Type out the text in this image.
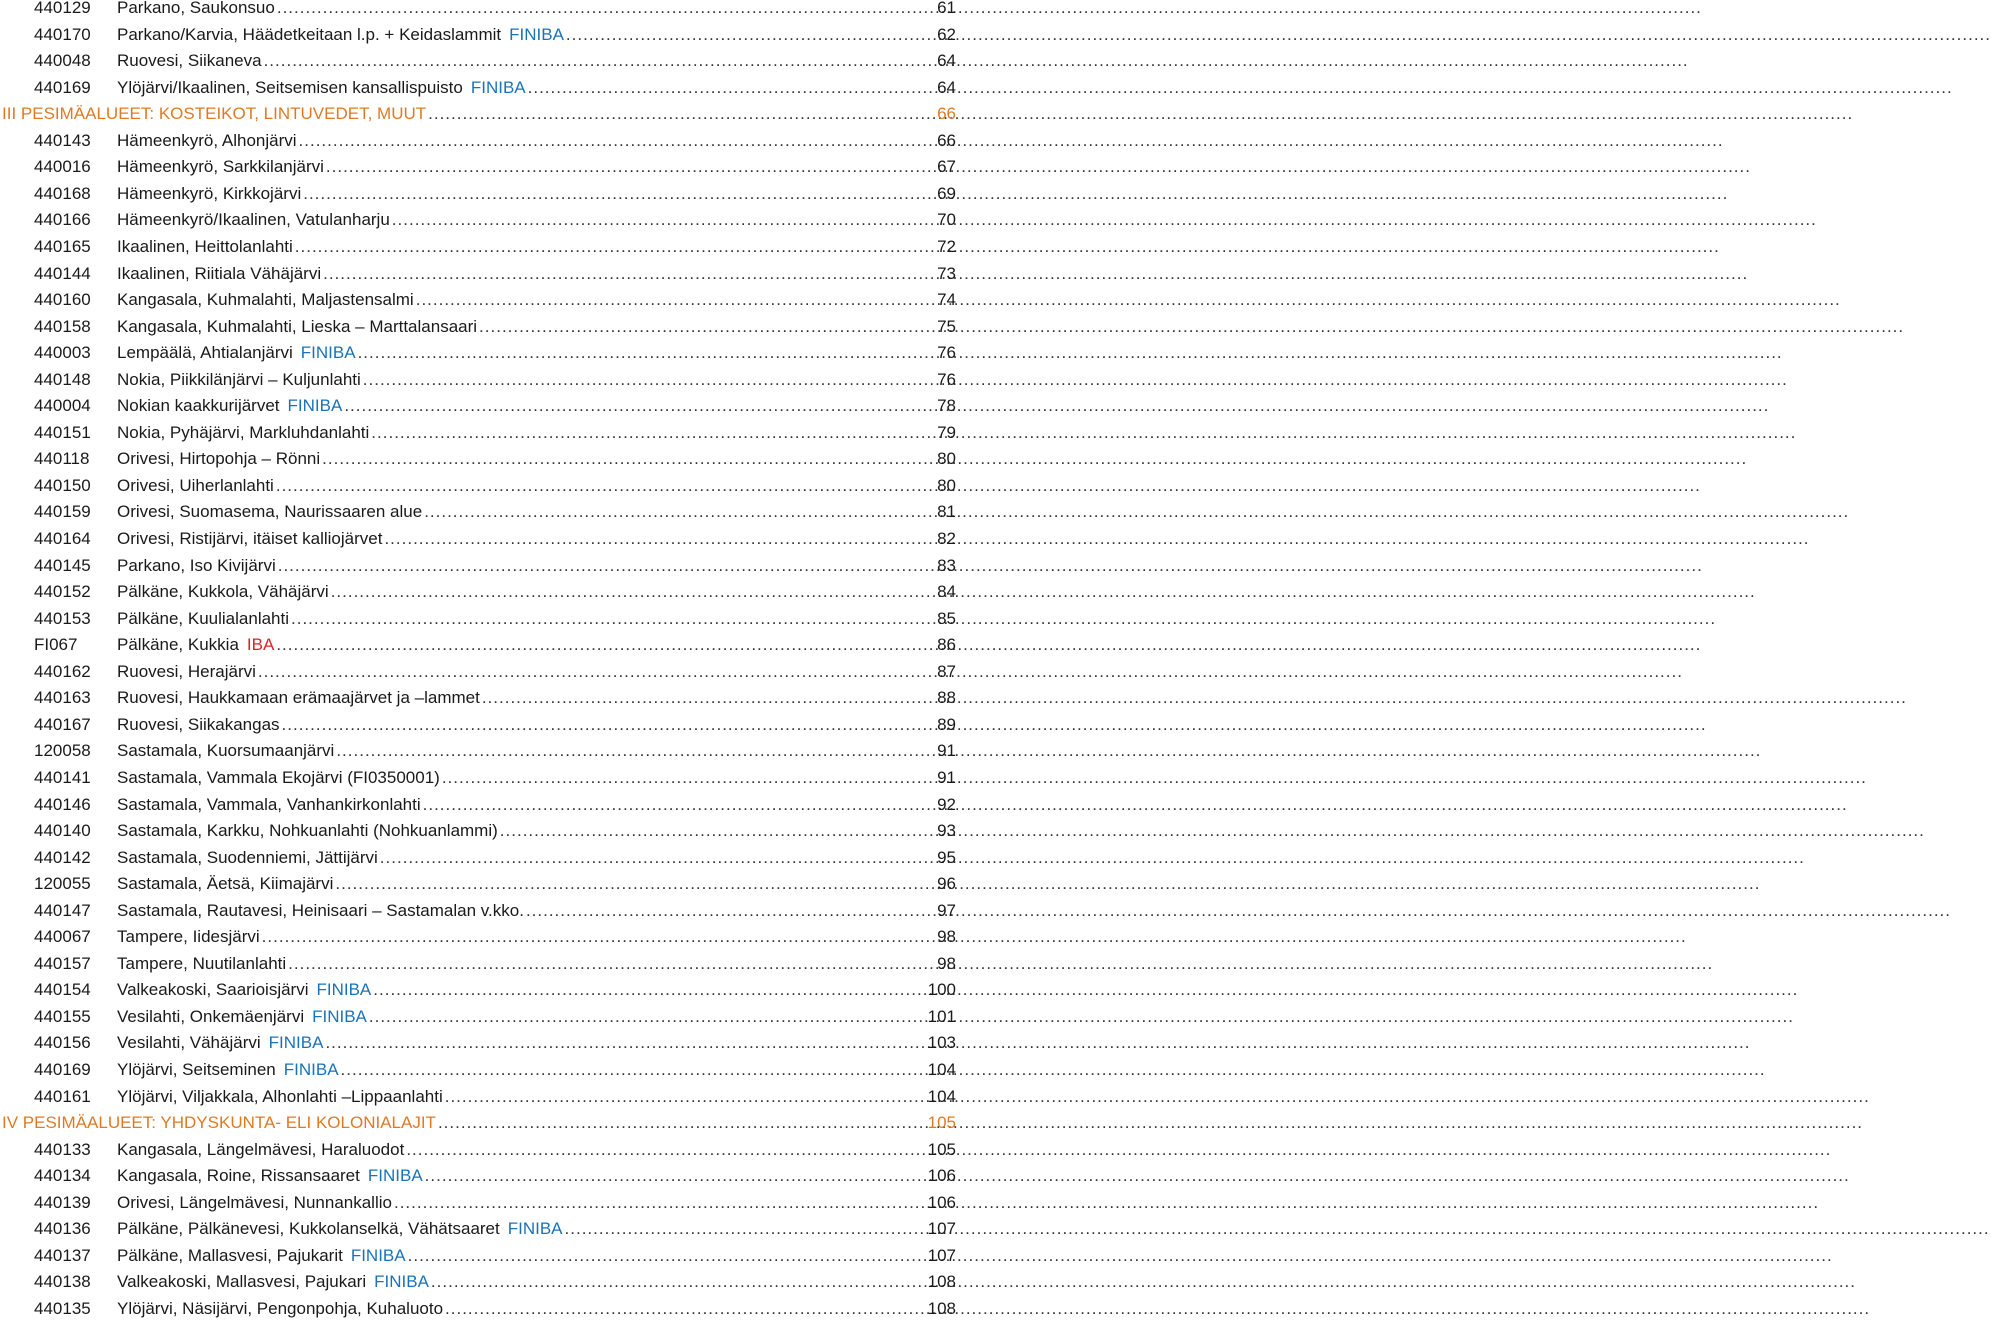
440129 Parkano, Saukonsuo .....	61
440170 Parkano/Karvia, Häädetkeitaan l.p. + Keidaslammit FINIBA .....	62
440048 Ruovesi, Siikaneva .....	64
440169 Ylöjärvi/Ikaalinen, Seitsemisen kansallispuisto FINIBA .....	64
III PESIMÄALUEET: KOSTEIKOT, LINTUVEDET, MUUT .....	66
440143 Hämeenkyrö, Alhonjärvi .....	66
440016 Hämeenkyrö, Sarkkilanjärvi .....	67
440168 Hämeenkyrö, Kirkkojärvi .....	69
440166 Hämeenkyrö/Ikaalinen, Vatulanharju .....	70
440165 Ikaalinen, Heittolanlahti .....	72
440144 Ikaalinen, Riitiala Vähäjärvi .....	73
440160 Kangasala, Kuhmalahti, Maljastensalmi .....	74
440158 Kangasala, Kuhmalahti, Lieska – Marttalansaari .....	75
440003 Lempäälä, Ahtialanjärvi FINIBA .....	76
440148 Nokia, Piikkilänjärvi – Kuljunlahti .....	76
440004 Nokian kaakkurijärvet FINIBA .....	78
440151 Nokia, Pyhäjärvi, Markluhdanlahti .....	79
440118 Orivesi, Hirtopohja – Rönni .....	80
440150 Orivesi, Uiherlanlahti .....	80
440159 Orivesi, Suomasema, Naurissaaren alue .....	81
440164 Orivesi, Ristijärvi, itäiset kalliojärvet .....	82
440145 Parkano, Iso Kivijärvi .....	83
440152 Pälkäne, Kukkola, Vähäjärvi .....	84
440153 Pälkäne, Kuulialanlahti .....	85
FI067 Pälkäne, Kukkia IBA .....	86
440162 Ruovesi, Herajärvi .....	87
440163 Ruovesi, Haukkamaan erämaajärvet ja –lammet .....	88
440167 Ruovesi, Siikakangas .....	89
120058 Sastamala, Kuorsumaanjärvi .....	91
440141 Sastamala, Vammala Ekojärvi (FI0350001) .....	91
440146 Sastamala, Vammala, Vanhankirkonlahti .....	92
440140 Sastamala, Karkku, Nohkuanlahti (Nohkuanlammi) .....	93
440142 Sastamala, Suodenniemi, Jättijärvi .....	95
120055 Sastamala, Äetsä, Kiimajärvi .....	96
440147 Sastamala, Rautavesi, Heinisaari – Sastamalan v.kko. .....	97
440067 Tampere, Iidesjärvi .....	98
440157 Tampere, Nuutilanlahti .....	98
440154 Valkeakoski, Saarioisjärvi FINIBA .....	100
440155 Vesilahti, Onkemäenjärvi FINIBA .....	101
440156 Vesilahti, Vähäjärvi FINIBA .....	103
440169 Ylöjärvi, Seitseminen FINIBA .....	104
440161 Ylöjärvi, Viljakkala, Alhonlahti –Lippaanlahti .....	104
IV PESIMÄALUEET: YHDYSKUNTA- ELI KOLONIALAJIT .....	105
440133 Kangasala, Längelmävesi, Haraluodot .....	105
440134 Kangasala, Roine, Rissansaaret FINIBA .....	106
440139 Orivesi, Längelmävesi, Nunnankallio .....	106
440136 Pälkäne, Pälkänevesi, Kukkolanselkä, Vähätsaaret FINIBA .....	107
440137 Pälkäne, Mallasvesi, Pajukarit FINIBA .....	107
440138 Valkeakoski, Mallasvesi, Pajukari FINIBA .....	108
440135 Ylöjärvi, Näsijärvi, Pengonpohja, Kuhaluoto .....	108
